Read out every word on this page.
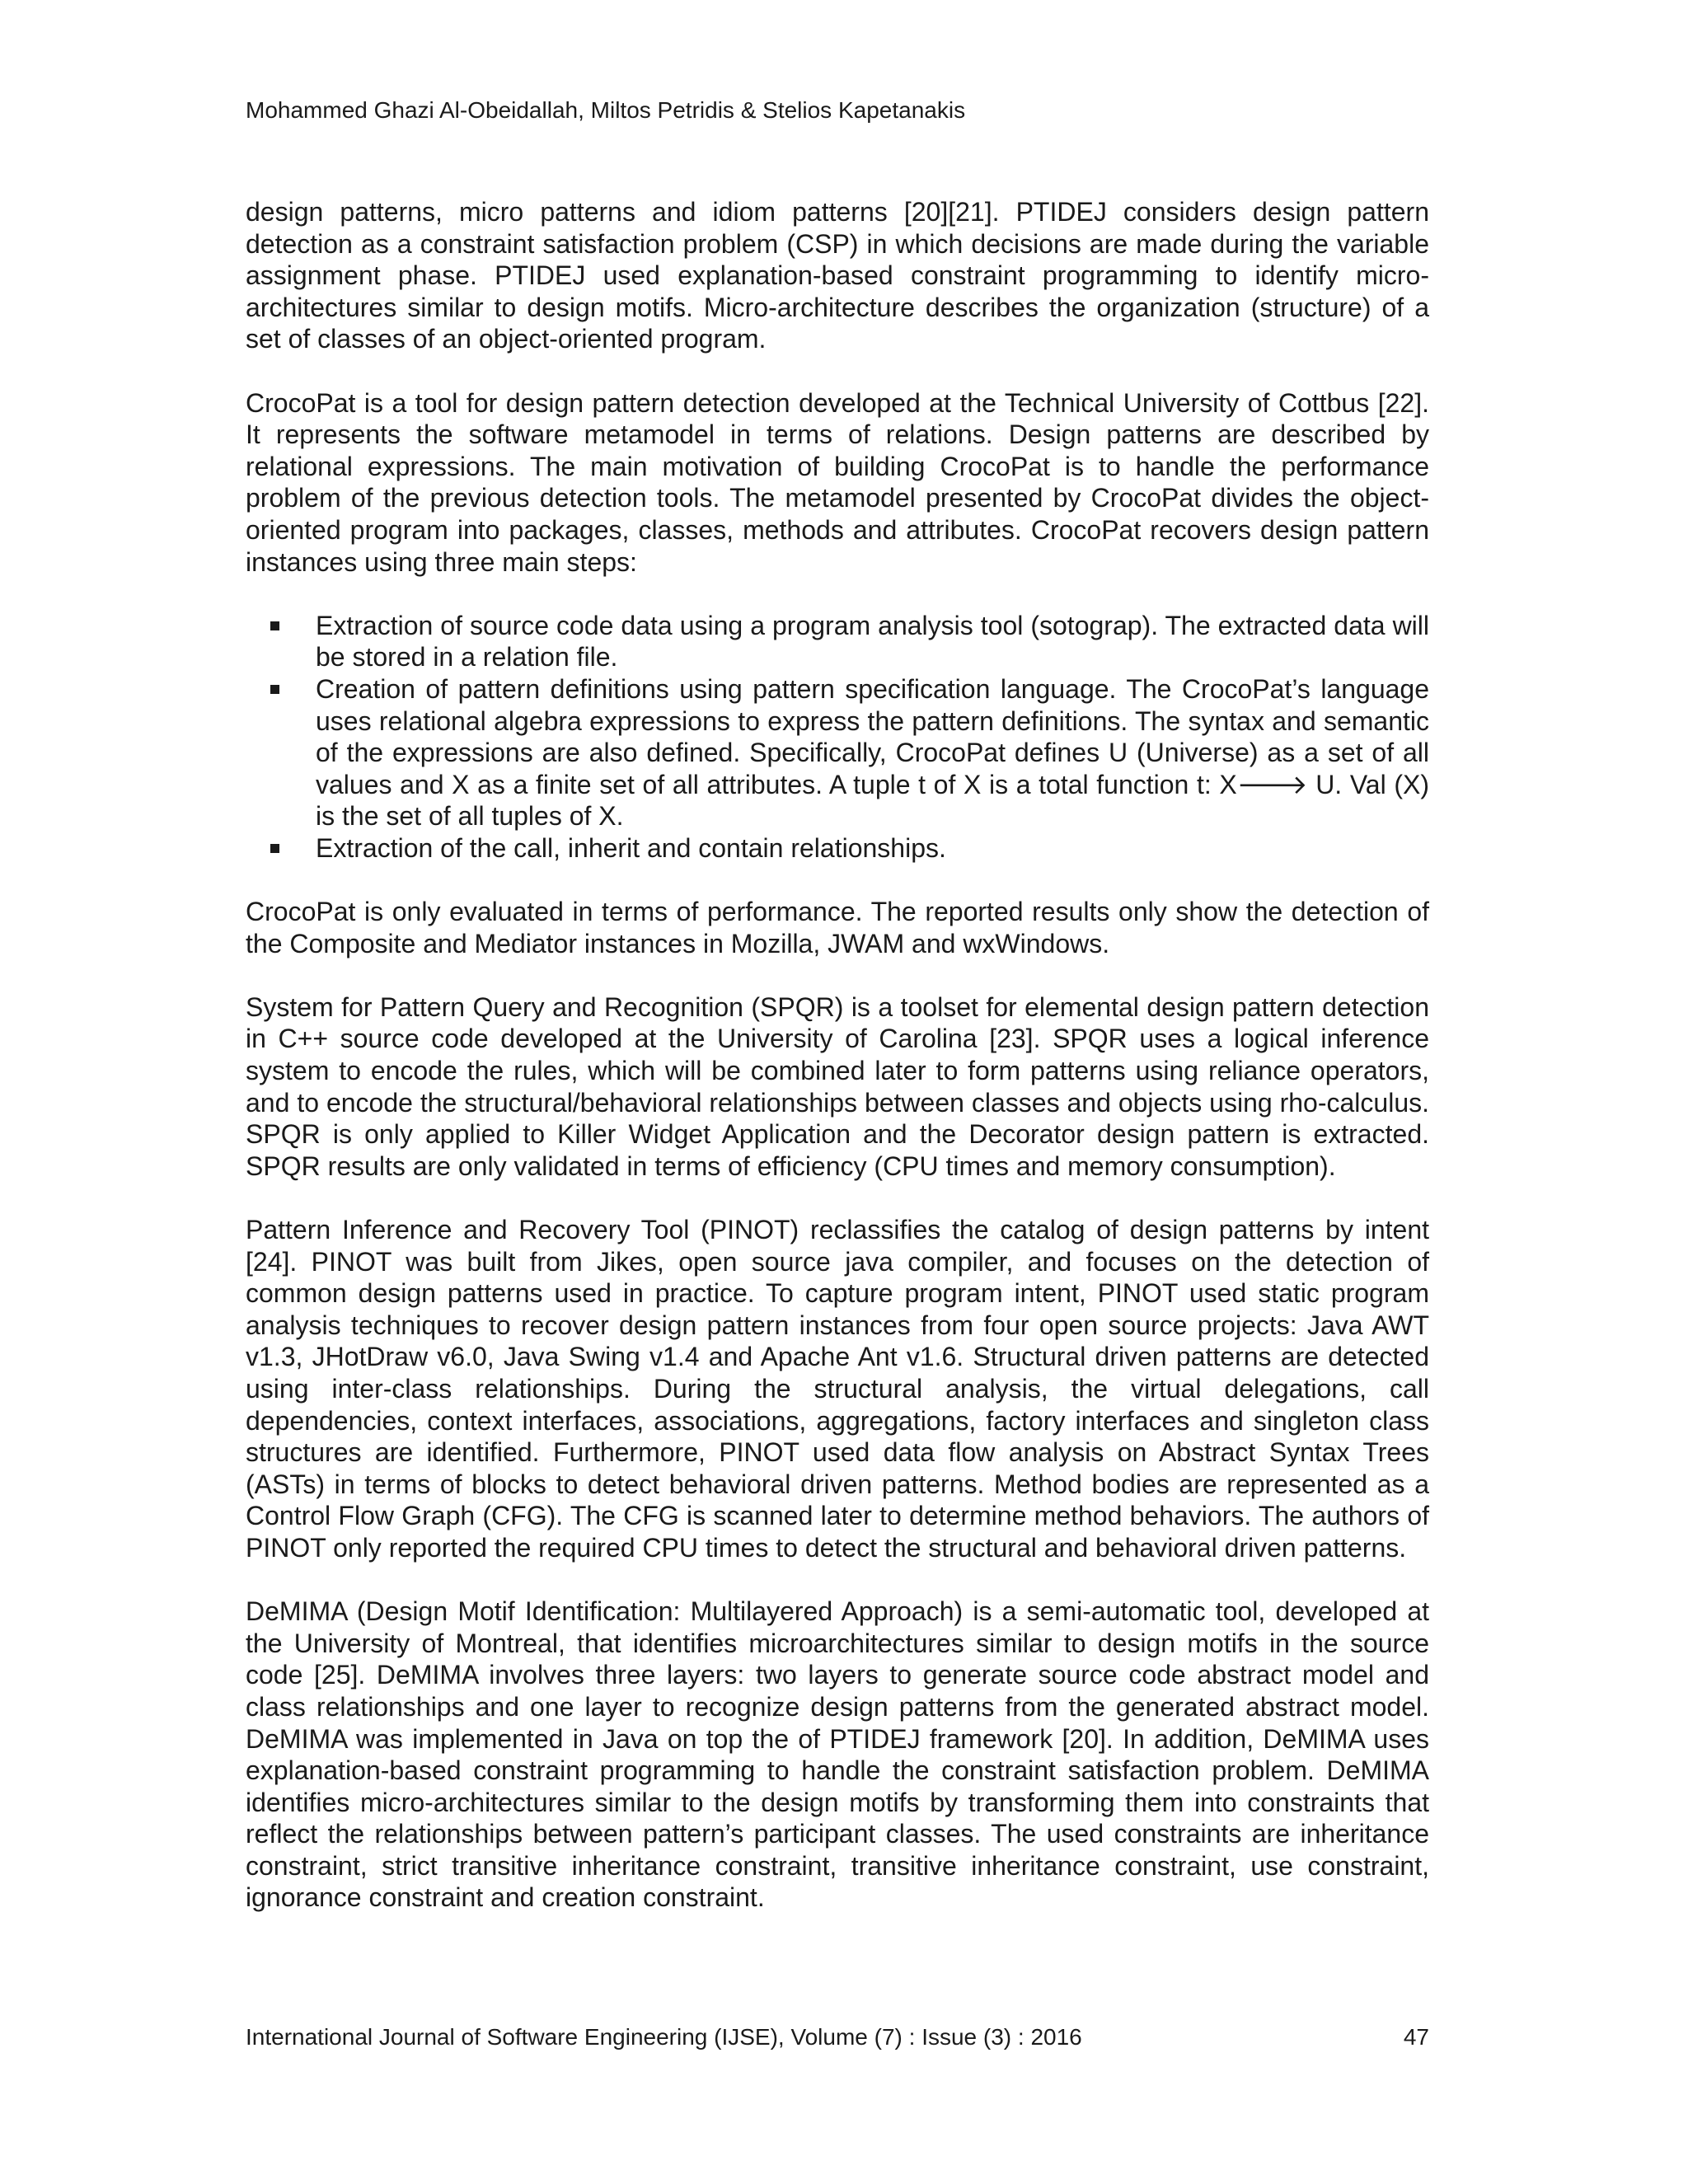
Mohammed Ghazi Al-Obeidallah, Miltos Petridis & Stelios Kapetanakis

design patterns, micro patterns and idiom patterns [20][21]. PTIDEJ considers design pattern detection as a constraint satisfaction problem (CSP) in which decisions are made during the variable assignment phase. PTIDEJ used explanation-based constraint programming to identify micro-architectures similar to design motifs. Micro-architecture describes the organization (structure) of a set of classes of an object-oriented program.

CrocoPat is a tool for design pattern detection developed at the Technical University of Cottbus [22]. It represents the software metamodel in terms of relations. Design patterns are described by relational expressions. The main motivation of building CrocoPat is to handle the performance problem of the previous detection tools. The metamodel presented by CrocoPat divides the object-oriented program into packages, classes, methods and attributes. CrocoPat recovers design pattern instances using three main steps:

Extraction of source code data using a program analysis tool (sotograp). The extracted data will be stored in a relation file.
Creation of pattern definitions using pattern specification language. The CrocoPat’s language uses relational algebra expressions to express the pattern definitions. The syntax and semantic of the expressions are also defined. Specifically, CrocoPat defines U (Universe) as a set of all values and X as a finite set of all attributes. A tuple t of X is a total function t: X🡒 U. Val (X) is the set of all tuples of X.
Extraction of the call, inherit and contain relationships.

CrocoPat is only evaluated in terms of performance. The reported results only show the detection of the Composite and Mediator instances in Mozilla, JWAM and wxWindows.

System for Pattern Query and Recognition (SPQR) is a toolset for elemental design pattern detection in C++ source code developed at the University of Carolina [23]. SPQR uses a logical inference system to encode the rules, which will be combined later to form patterns using reliance operators, and to encode the structural/behavioral relationships between classes and objects using rho-calculus. SPQR is only applied to Killer Widget Application and the Decorator design pattern is extracted. SPQR results are only validated in terms of efficiency (CPU times and memory consumption).

Pattern Inference and Recovery Tool (PINOT) reclassifies the catalog of design patterns by intent [24]. PINOT was built from Jikes, open source java compiler, and focuses on the detection of common design patterns used in practice. To capture program intent, PINOT used static program analysis techniques to recover design pattern instances from four open source projects: Java AWT v1.3, JHotDraw v6.0, Java Swing v1.4 and Apache Ant v1.6. Structural driven patterns are detected using inter-class relationships. During the structural analysis, the virtual delegations, call dependencies, context interfaces, associations, aggregations, factory interfaces and singleton class structures are identified. Furthermore, PINOT used data flow analysis on Abstract Syntax Trees (ASTs) in terms of blocks to detect behavioral driven patterns. Method bodies are represented as a Control Flow Graph (CFG). The CFG is scanned later to determine method behaviors. The authors of PINOT only reported the required CPU times to detect the structural and behavioral driven patterns.

DeMIMA (Design Motif Identification: Multilayered Approach) is a semi-automatic tool, developed at the University of Montreal, that identifies microarchitectures similar to design motifs in the source code [25]. DeMIMA involves three layers: two layers to generate source code abstract model and class relationships and one layer to recognize design patterns from the generated abstract model. DeMIMA was implemented in Java on top the of PTIDEJ framework [20]. In addition, DeMIMA uses explanation-based constraint programming to handle the constraint satisfaction problem. DeMIMA identifies micro-architectures similar to the design motifs by transforming them into constraints that reflect the relationships between pattern’s participant classes. The used constraints are inheritance constraint, strict transitive inheritance constraint, transitive inheritance constraint, use constraint, ignorance constraint and creation constraint.

International Journal of Software Engineering (IJSE), Volume (7) : Issue (3) : 2016	47
